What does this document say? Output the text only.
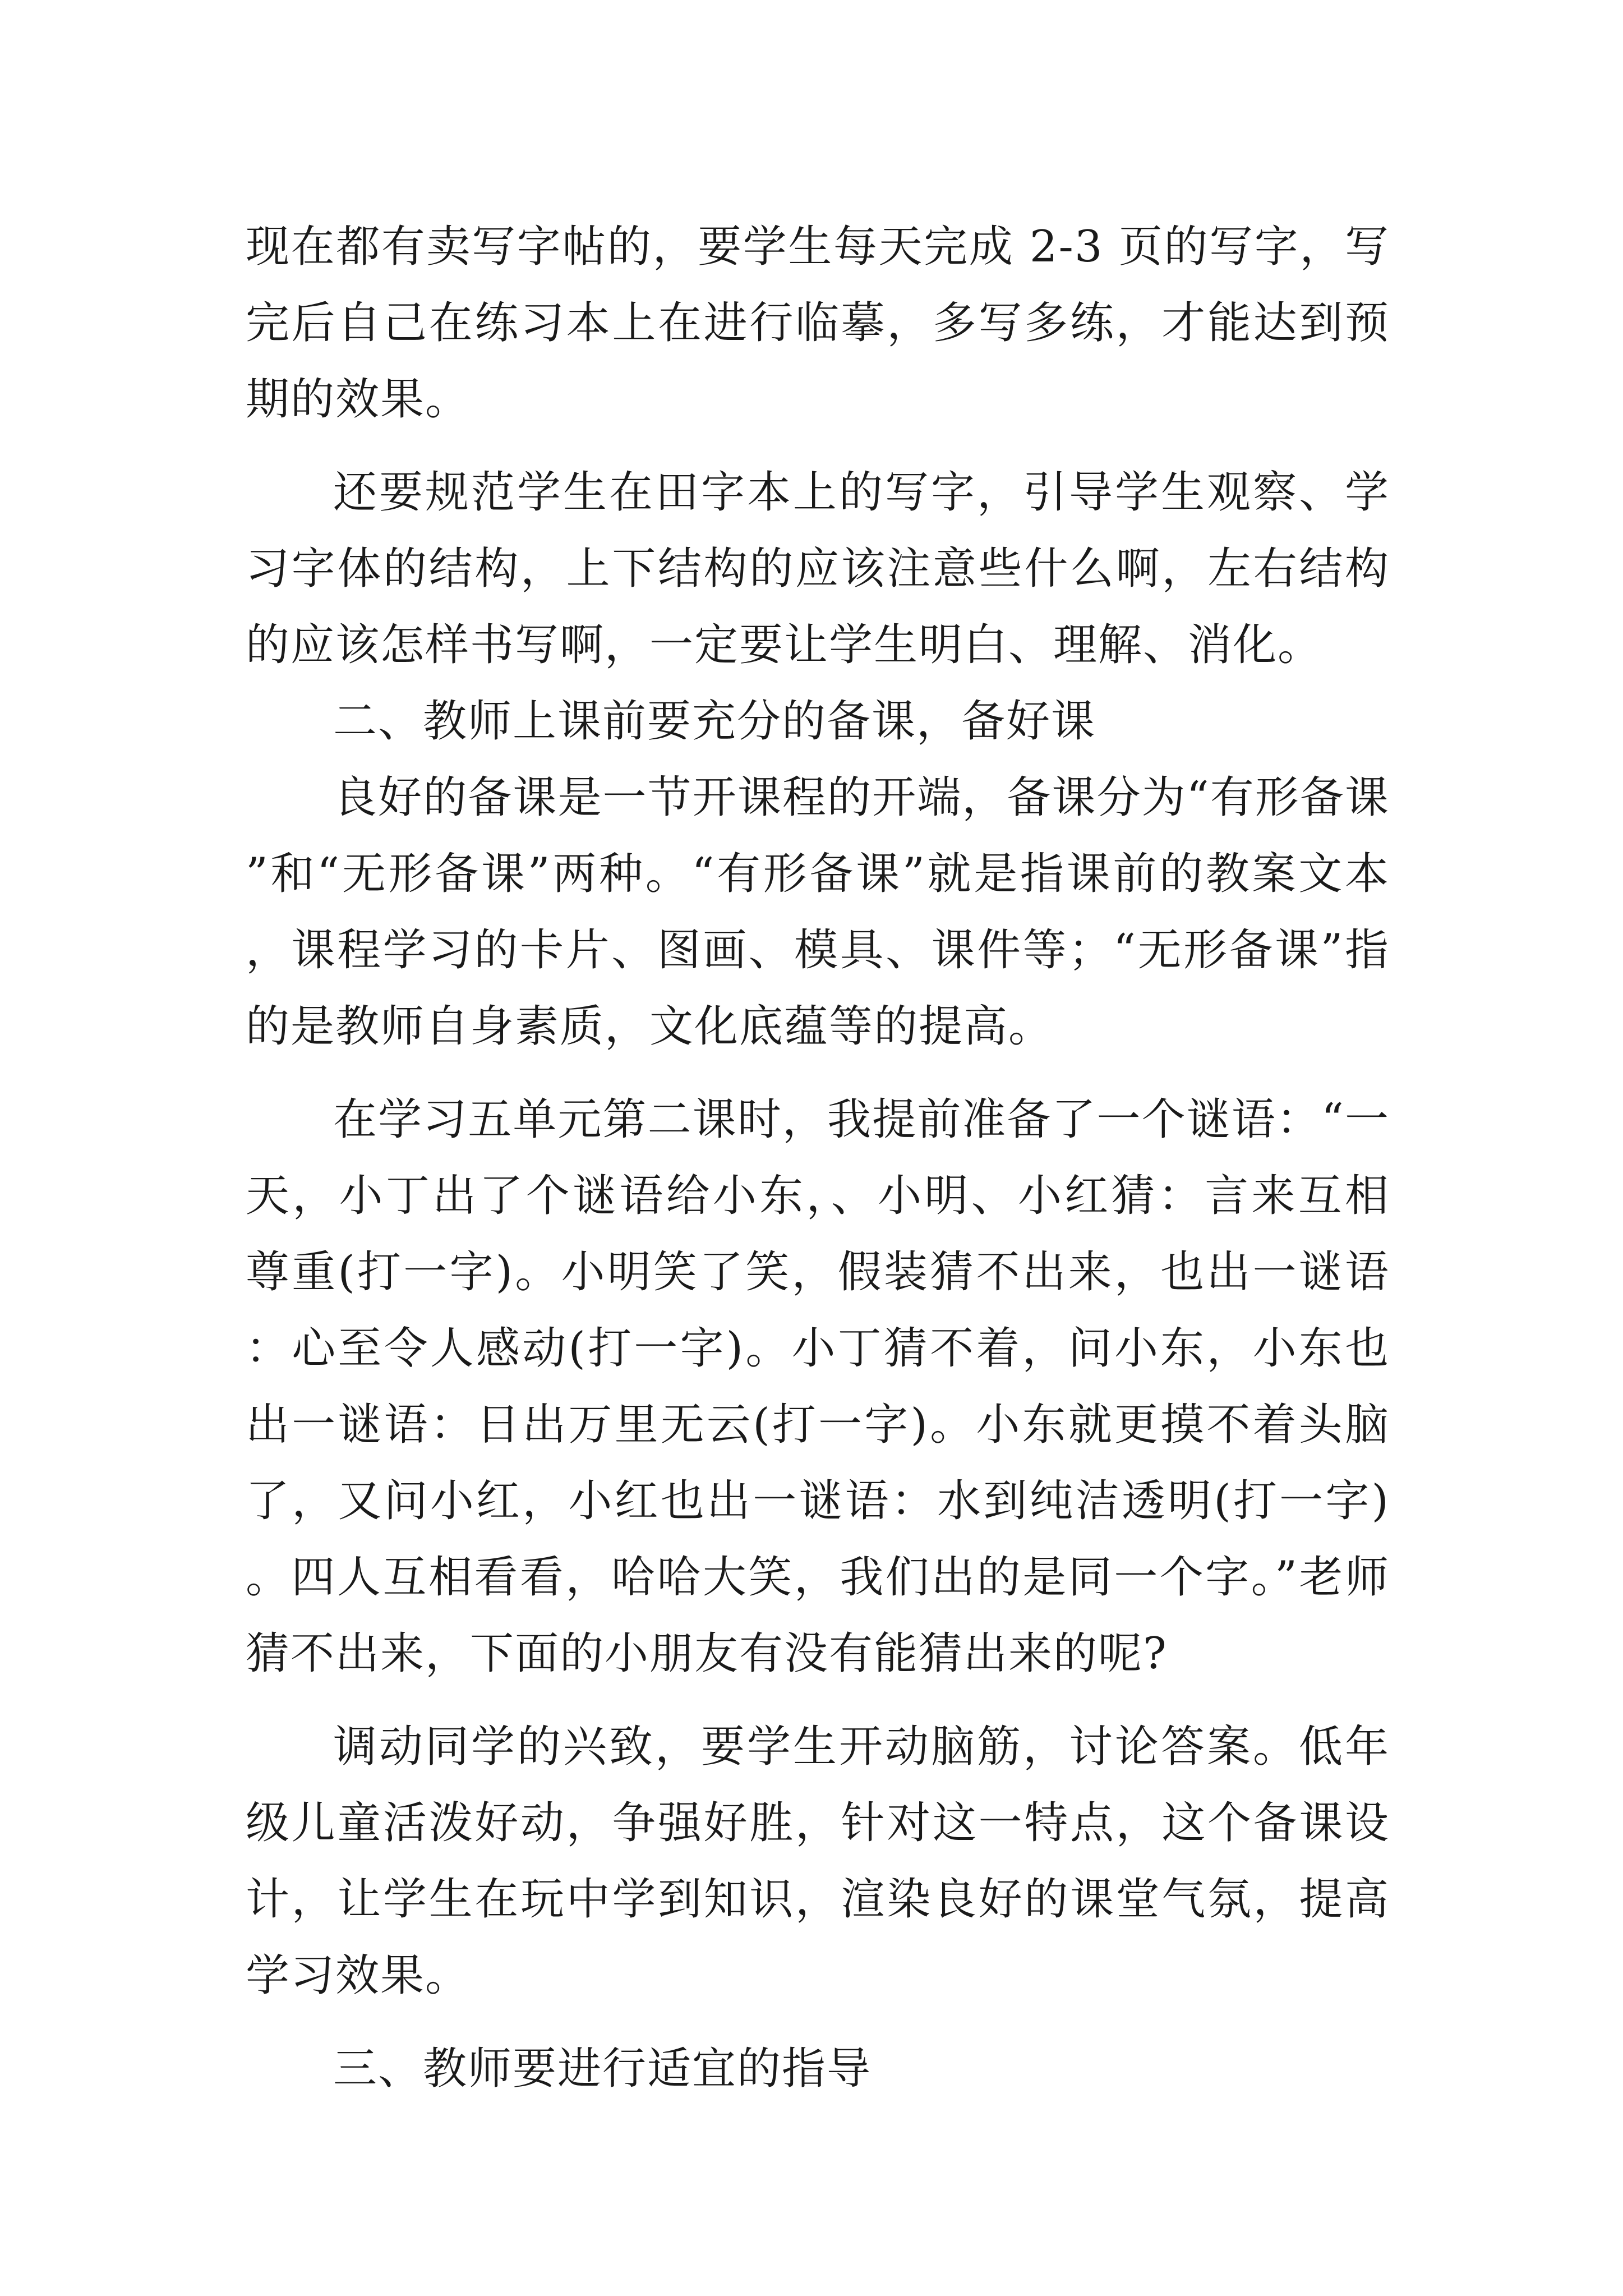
现在都有卖写字帖的，要学生每天完成 2-3 页的写字，写完后自己在练习本上在进行临摹，多写多练，才能达到预期的效果。

还要规范学生在田字本上的写字，引导学生观察、学习字体的结构，上下结构的应该注意些什么啊，左右结构的应该怎样书写啊，一定要让学生明白、理解、消化。

二、教师上课前要充分的备课，备好课

良好的备课是一节开课程的开端，备课分为“有形备课”和“无形备课”两种。“有形备课”就是指课前的教案文本，课程学习的卡片、图画、模具、课件等；“无形备课”指的是教师自身素质，文化底蕴等的提高。

在学习五单元第二课时，我提前准备了一个谜语：“一天，小丁出了个谜语给小东，、小明、小红猜：言来互相尊重(打一字)。小明笑了笑，假装猜不出来，也出一谜语：心至令人感动(打一字)。小丁猜不着，问小东，小东也出一谜语：日出万里无云(打一字)。小东就更摸不着头脑了，又问小红，小红也出一谜语：水到纯洁透明(打一字)。四人互相看看，哈哈大笑，我们出的是同一个字。”老师猜不出来，下面的小朋友有没有能猜出来的呢?

调动同学的兴致，要学生开动脑筋，讨论答案。低年级儿童活泼好动，争强好胜，针对这一特点，这个备课设计，让学生在玩中学到知识，渲染良好的课堂气氛，提高学习效果。

三、教师要进行适宜的指导
